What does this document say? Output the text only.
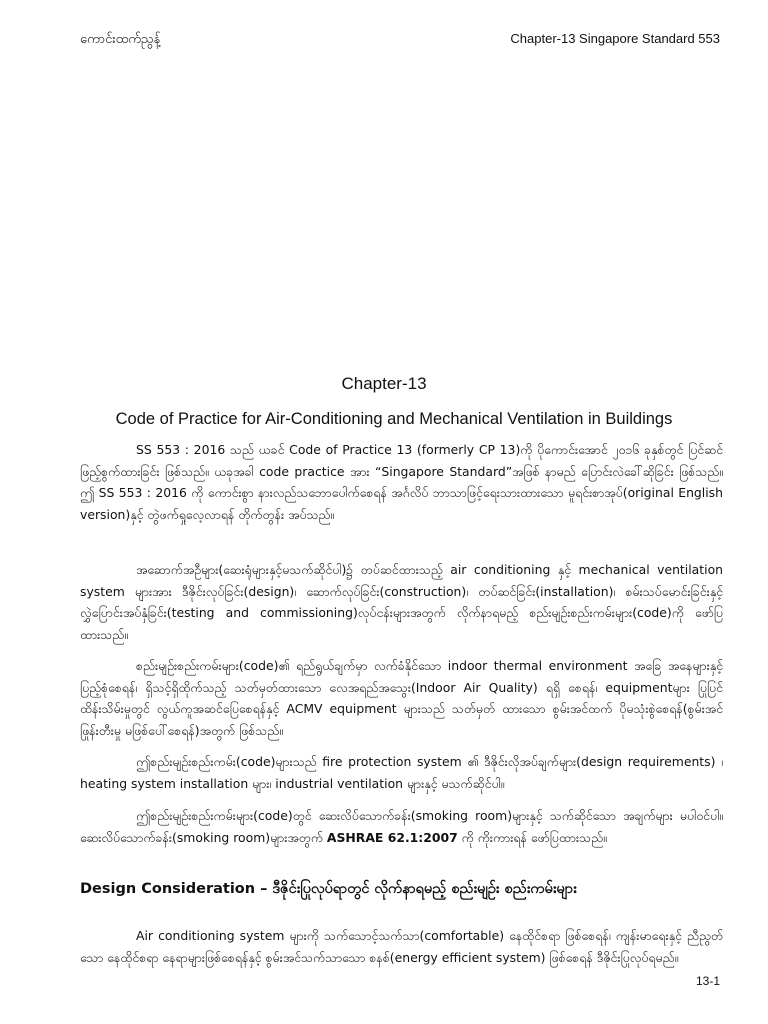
ကောင်းထက်ညွန့်	Chapter-13 Singapore Standard 553
Chapter-13
Code of Practice for Air-Conditioning and Mechanical Ventilation in Buildings

SS 553 : 2016 သည် ယခင် Code of Practice 13 (formerly CP 13)ကို ပိုကောင်းအောင် ၂၀၁၆ ခုနှစ်တွင် ပြင်ဆင်ဖြည့်စွက်ထားခြင်း ဖြစ်သည်။ ယခုအခါ code practice အား “Singapore Standard”အဖြစ် နာမည် ပြောင်းလဲခေါ်ဆိုခြင်း ဖြစ်သည်။ ဤ SS 553 : 2016 ကို ကောင်းစွာ နားလည်သဘောပေါက်စေရန် အင်္ဂလိပ် ဘာသာဖြင့်ရေးသားထားသော မူရင်းစာအုပ်(original English version)နှင့် တွဲဖက်ရှုလေ့လာရန် တိုက်တွန်း အပ်သည်။

အဆောက်အဦများ(ဆေးရုံများနှင့်မသက်ဆိုင်ပါ)၌ တပ်ဆင်ထားသည့် air conditioning နှင့် mechanical ventilation system များအား ဒီဇိုင်းလုပ်ခြင်း(design)၊ ဆောက်လုပ်ခြင်း(construction)၊ တပ်ဆင်ခြင်း(installation)၊ စမ်းသပ်မောင်းခြင်းနှင့် လွှဲပြောင်းအပ်နှံခြင်း(testing and commissioning)လုပ်ငန်းများအတွက် လိုက်နာရမည့် စည်းမျဉ်းစည်းကမ်းများ(code)ကို ဖော်ပြထားသည်။

စည်းမျဉ်းစည်းကမ်းများ(code)၏ ရည်ရွယ်ချက်မှာ လက်ခံနိုင်သော indoor thermal environment အခြေ အနေများနှင့် ပြည့်စုံစေရန်၊ ရှိသင့်ရှိထိုက်သည့် သတ်မှတ်ထားသော လေအရည်အသွေး(Indoor Air Quality) ရရှိ စေရန်၊ equipmentများ ပြုပြင်ထိန်းသိမ်းမှုတွင် လွယ်ကူအဆင်ပြေစေရန်နှင့် ACMV equipment များသည် သတ်မှတ် ထားသော စွမ်းအင်ထက် ပိုမသုံးစွဲစေရန်(စွမ်းအင်ဖြုန်းတီးမှု မဖြစ်ပေါ်စေရန်)အတွက် ဖြစ်သည်။

ဤစည်းမျဉ်းစည်းကမ်း(code)များသည် fire protection system ၏ ဒီဇိုင်းလိုအပ်ချက်များ(design requirements) ၊ heating system installation များ၊ industrial ventilation များနှင့် မသက်ဆိုင်ပါ။

ဤစည်းမျဉ်းစည်းကမ်းများ(code)တွင် ဆေးလိပ်သောက်ခန်း(smoking room)များနှင့် သက်ဆိုင်သော အချက်များ မပါဝင်ပါ။ ဆေးလိပ်သောက်ခန်း(smoking room)များအတွက် ASHRAE 62.1:2007 ကို ကိုးကားရန် ဖော်ပြထားသည်။

Design Consideration – ဒီဇိုင်းပြုလုပ်ရာတွင် လိုက်နာရမည့် စည်းမျဉ်း စည်းကမ်းများ

Air conditioning system များကို သက်သောင့်သက်သာ(comfortable) နေထိုင်စရာ ဖြစ်စေရန်၊ ကျန်းမာရေးနှင့် ညီညွတ်သော နေထိုင်စရာ နေရာများဖြစ်စေရန်နှင့် စွမ်းအင်သက်သာသော စနစ်(energy efficient system) ဖြစ်စေရန် ဒီဇိုင်းပြုလုပ်ရမည်။

13-1
